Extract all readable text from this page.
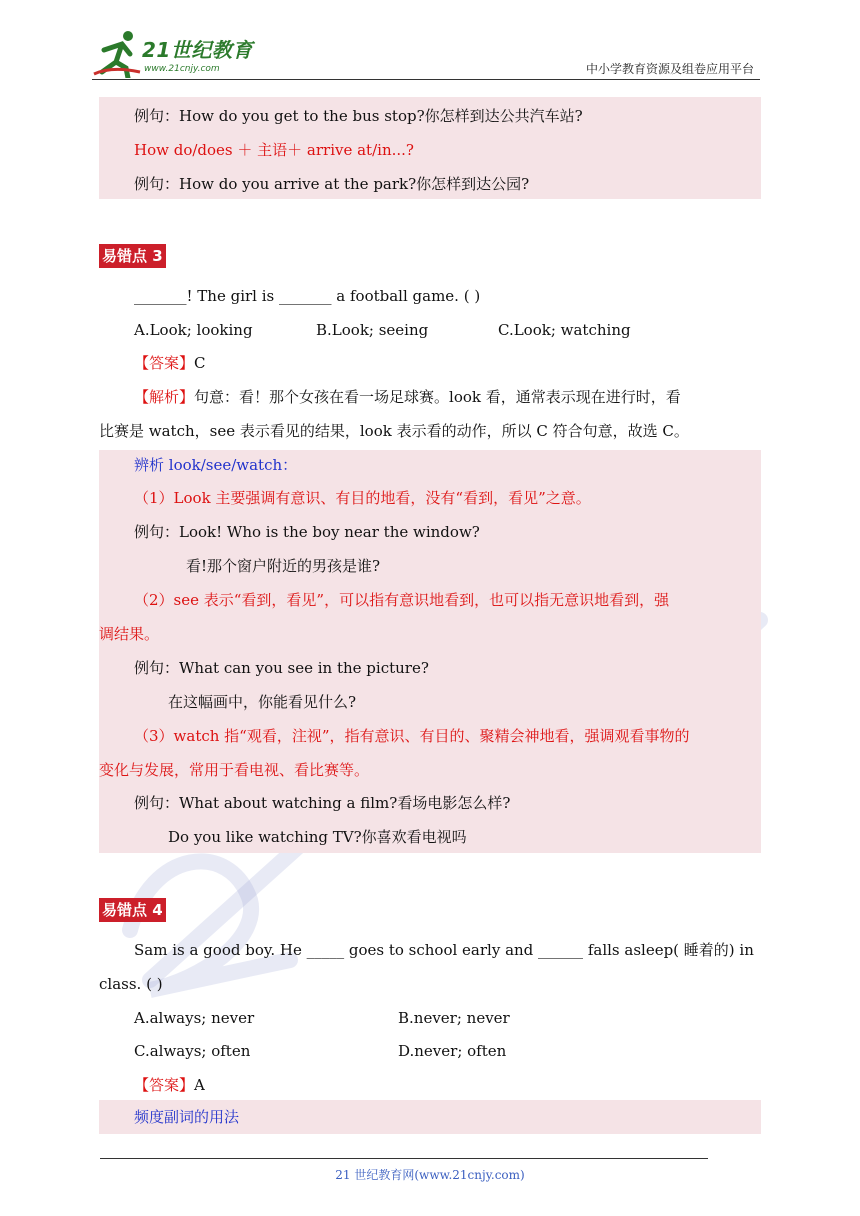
21世纪教育
www.21cnjy.com	中小学教育资源及组卷应用平台
例句：How do you get to the bus stop?你怎样到达公共汽车站?
How do/does ＋ 主语＋ arrive at/in...?
例句：How do you arrive at the park?你怎样到达公园?
易错点 3
_______! The girl is _______ a football game. ( )
A.Look; looking	B.Look; seeing	C.Look; watching
【答案】C
【解析】句意：看！那个女孩在看一场足球赛。look 看，通常表示现在进行时，看
比赛是 watch，see 表示看见的结果，look 表示看的动作，所以 C 符合句意，故选 C。
辨析 look/see/watch：
（1）Look 主要强调有意识、有目的地看，没有“看到，看见”之意。
例句：Look! Who is the boy near the window?
看!那个窗户附近的男孩是谁?
（2）see 表示“看到，看见”，可以指有意识地看到，也可以指无意识地看到，强
调结果。
例句：What can you see in the picture?
在这幅画中，你能看见什么?
（3）watch 指“观看，注视”，指有意识、有目的、聚精会神地看，强调观看事物的
变化与发展，常用于看电视、看比赛等。
例句：What about watching a film?看场电影怎么样?
Do you like watching TV?你喜欢看电视吗
易错点 4
Sam is a good boy. He _____ goes to school early and ______ falls asleep( 睡着的) in
class. ( )
A.always; never	B.never; never
C.always; often	D.never; often
【答案】A
频度副词的用法
21 世纪教育网(www.21cnjy.com)
